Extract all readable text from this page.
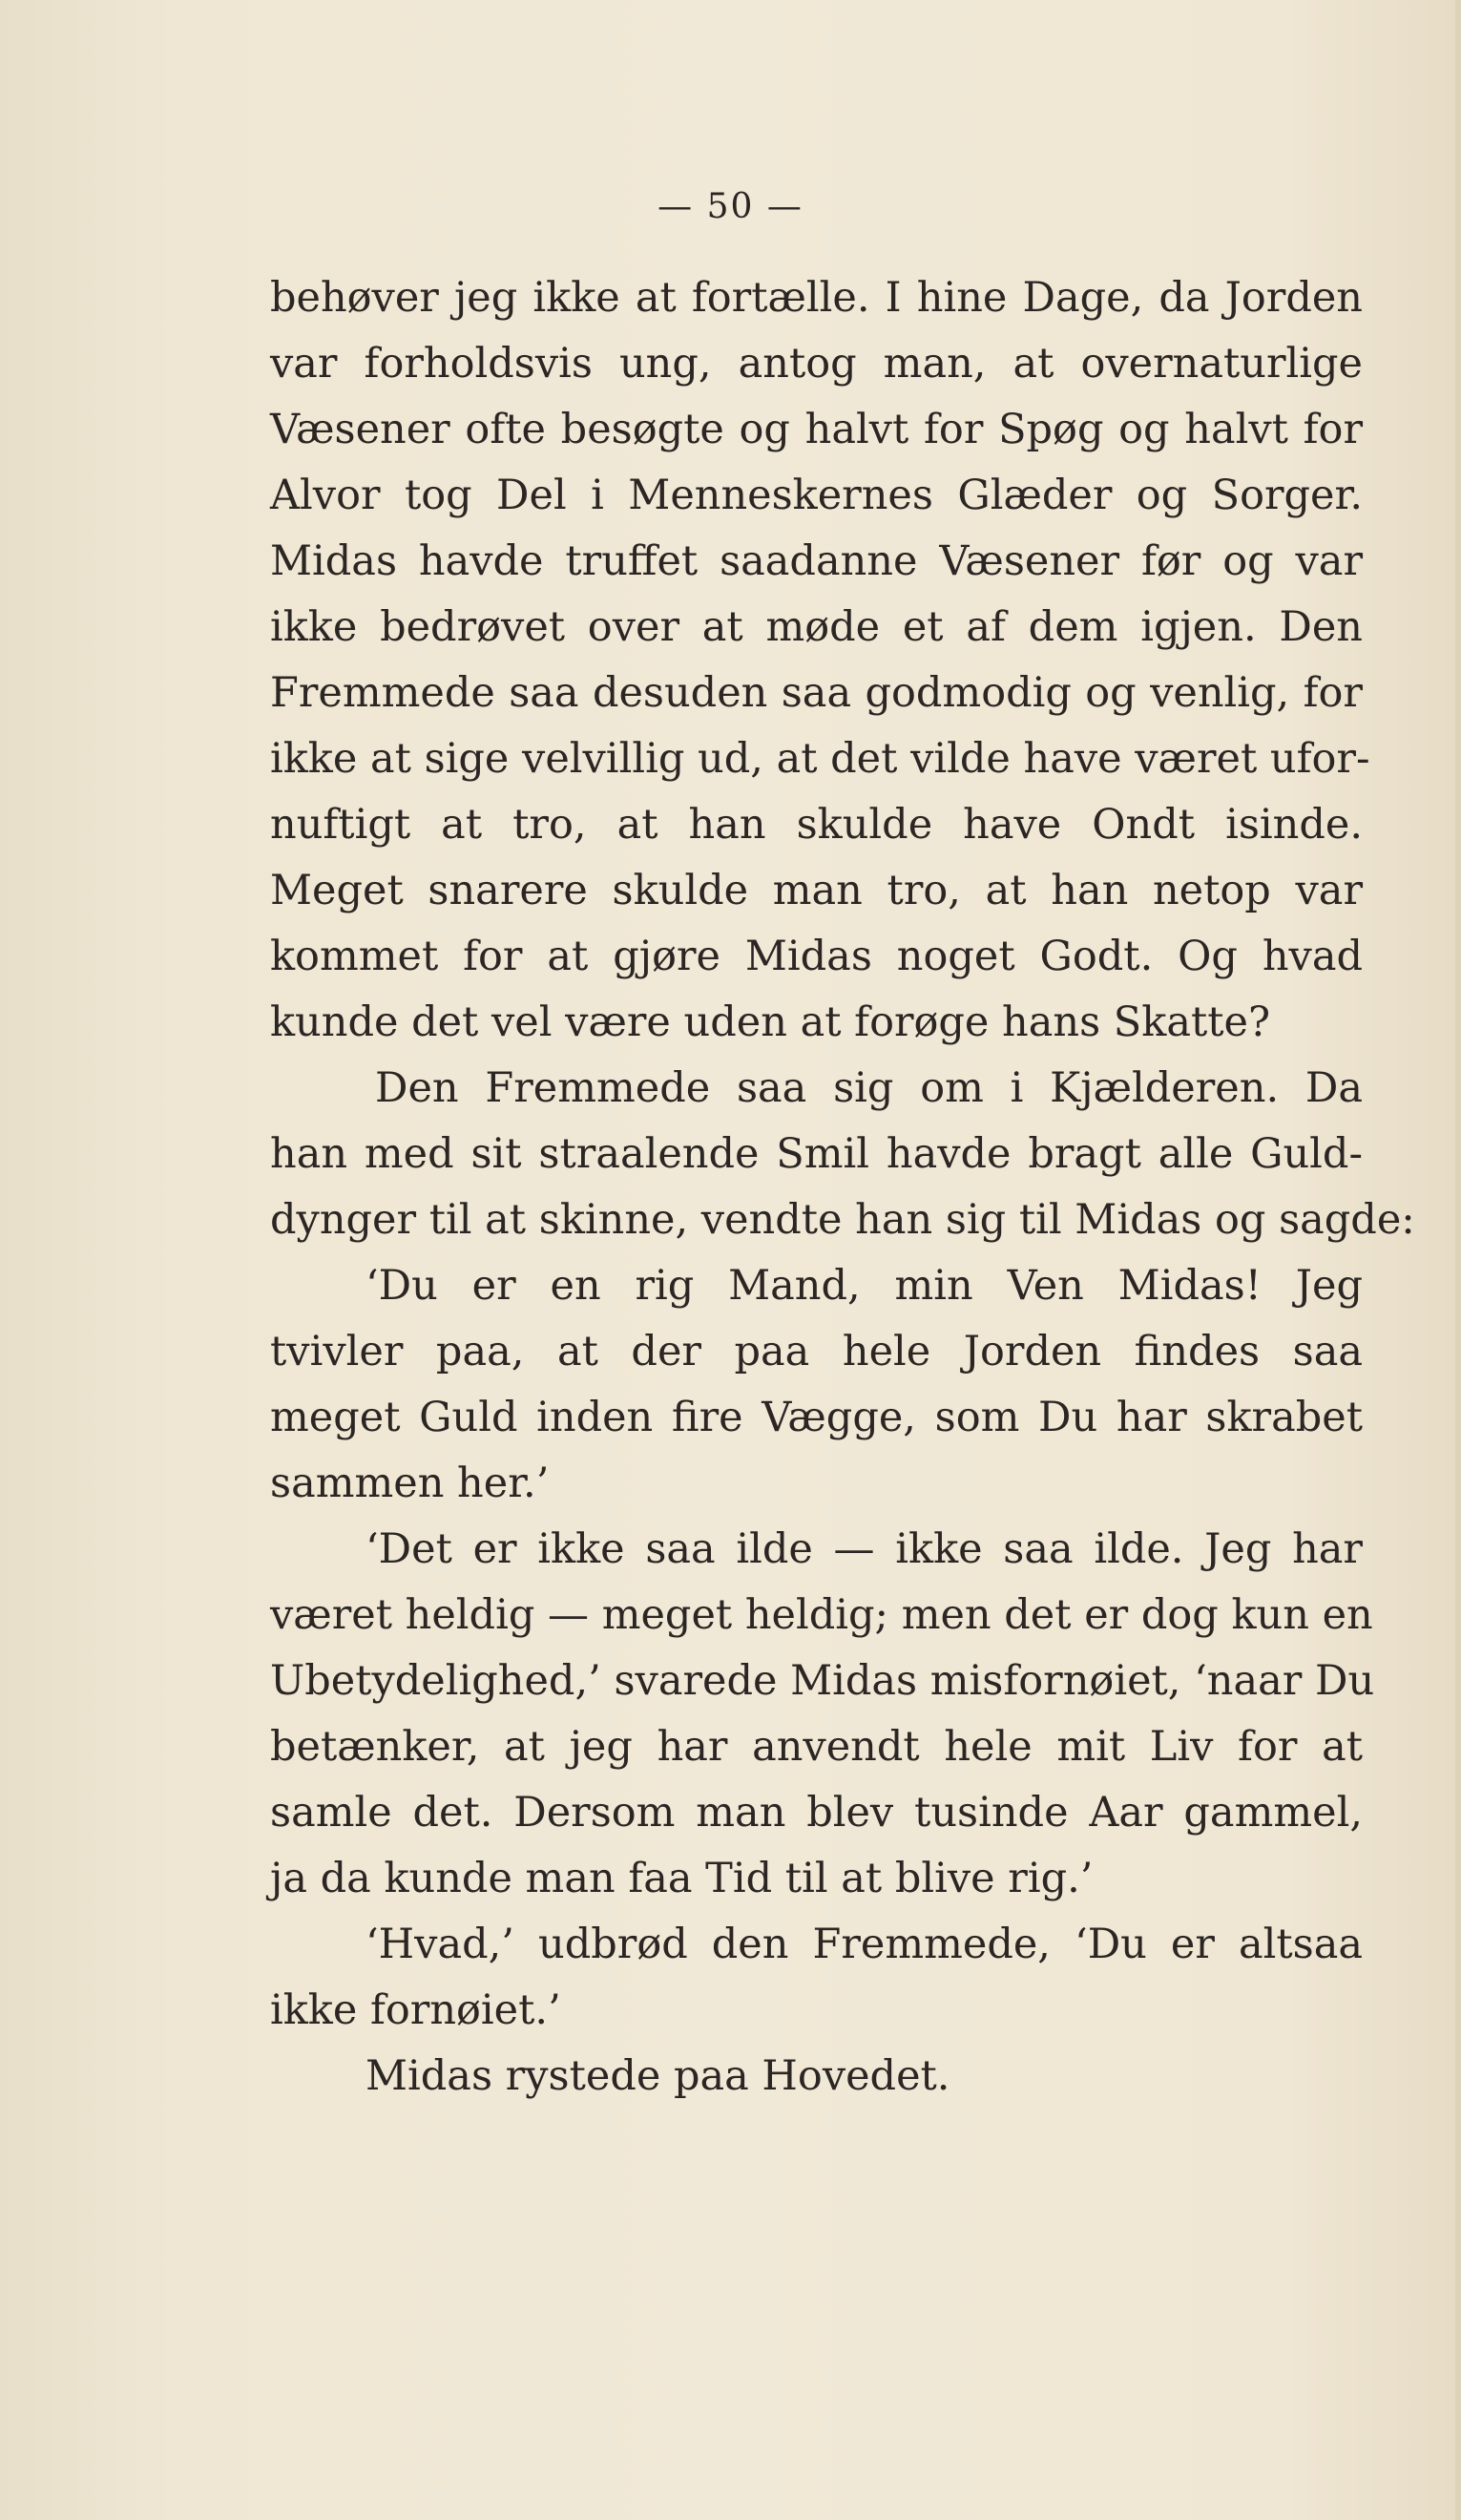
— 50 —
behøver jeg ikke at fortælle. I hine Dage, da Jorden
var forholdsvis ung, antog man, at overnaturlige
Væsener ofte besøgte og halvt for Spøg og halvt for
Alvor tog Del i Menneskernes Glæder og Sorger.
Midas havde truffet saadanne Væsener før og var
ikke bedrøvet over at møde et af dem igjen. Den
Fremmede saa desuden saa godmodig og venlig, for
ikke at sige velvillig ud, at det vilde have været ufor-
nuftigt at tro, at han skulde have Ondt isinde.
Meget snarere skulde man tro, at han netop var
kommet for at gjøre Midas noget Godt. Og hvad
kunde det vel være uden at forøge hans Skatte?
Den Fremmede saa sig om i Kjælderen. Da
han med sit straalende Smil havde bragt alle Guld-
dynger til at skinne, vendte han sig til Midas og sagde:
‘Du er en rig Mand, min Ven Midas! Jeg
tvivler paa, at der paa hele Jorden findes saa
meget Guld inden fire Vægge, som Du har skrabet
sammen her.’
‘Det er ikke saa ilde — ikke saa ilde. Jeg har
været heldig — meget heldig; men det er dog kun en
Ubetydelighed,’ svarede Midas misfornøiet, ‘naar Du
betænker, at jeg har anvendt hele mit Liv for at
samle det. Dersom man blev tusinde Aar gammel,
ja da kunde man faa Tid til at blive rig.’
‘Hvad,’ udbrød den Fremmede, ‘Du er altsaa
ikke fornøiet.’
Midas rystede paa Hovedet.
